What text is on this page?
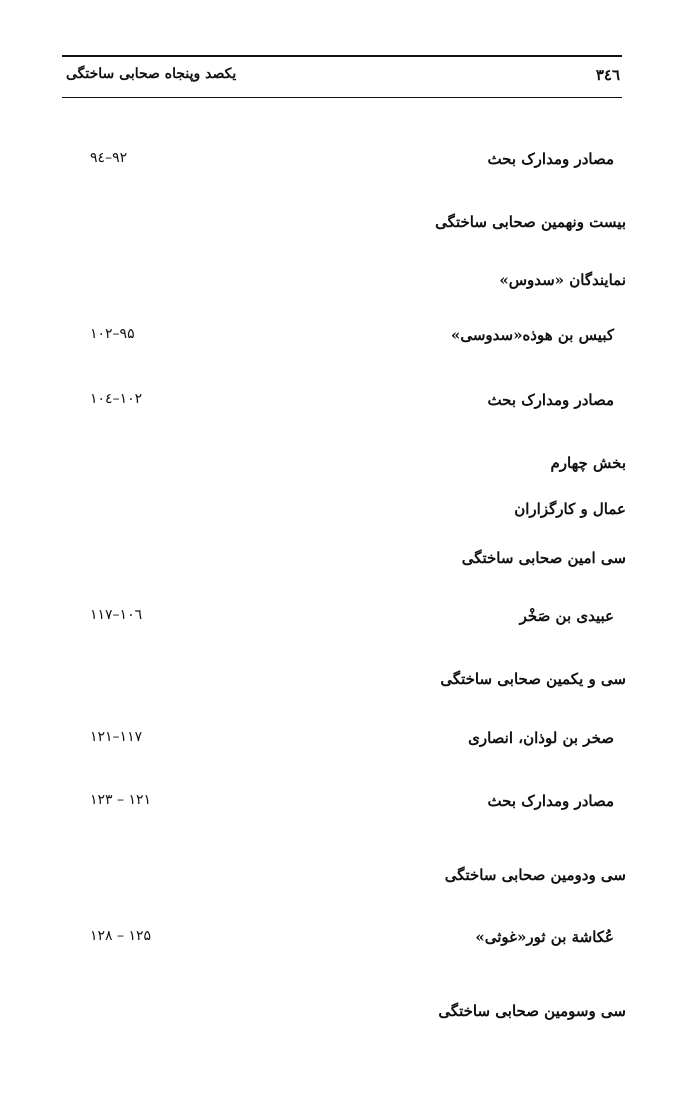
یکصد وپنجاه صحابی ساختگی	۳٤٦
مصادر ومدارک بحث
۹٤–۹۲
بیست ونهمین صحابی ساختگی
نمایندگان «سدوس»
کبیس بن هوذه«سدوسی»
۱۰۲–۹۵
مصادر ومدارک بحث
۱۰٤–۱۰۲
بخش چهارم
عمال و کارگزاران
سی امین صحابی ساختگی
عبیدی بن صَخْر
۱۱۷–۱۰٦
سی و یکمین صحابی ساختگی
صخر بن لوذان، انصاری
۱۲۱–۱۱۷
مصادر ومدارک بحث
۱۲۳ – ۱۲۱
سی ودومین صحابی ساختگی
عُکاشة بن ثور«غوثی»
۱۲۸ – ۱۲۵
سی وسومین صحابی ساختگی
